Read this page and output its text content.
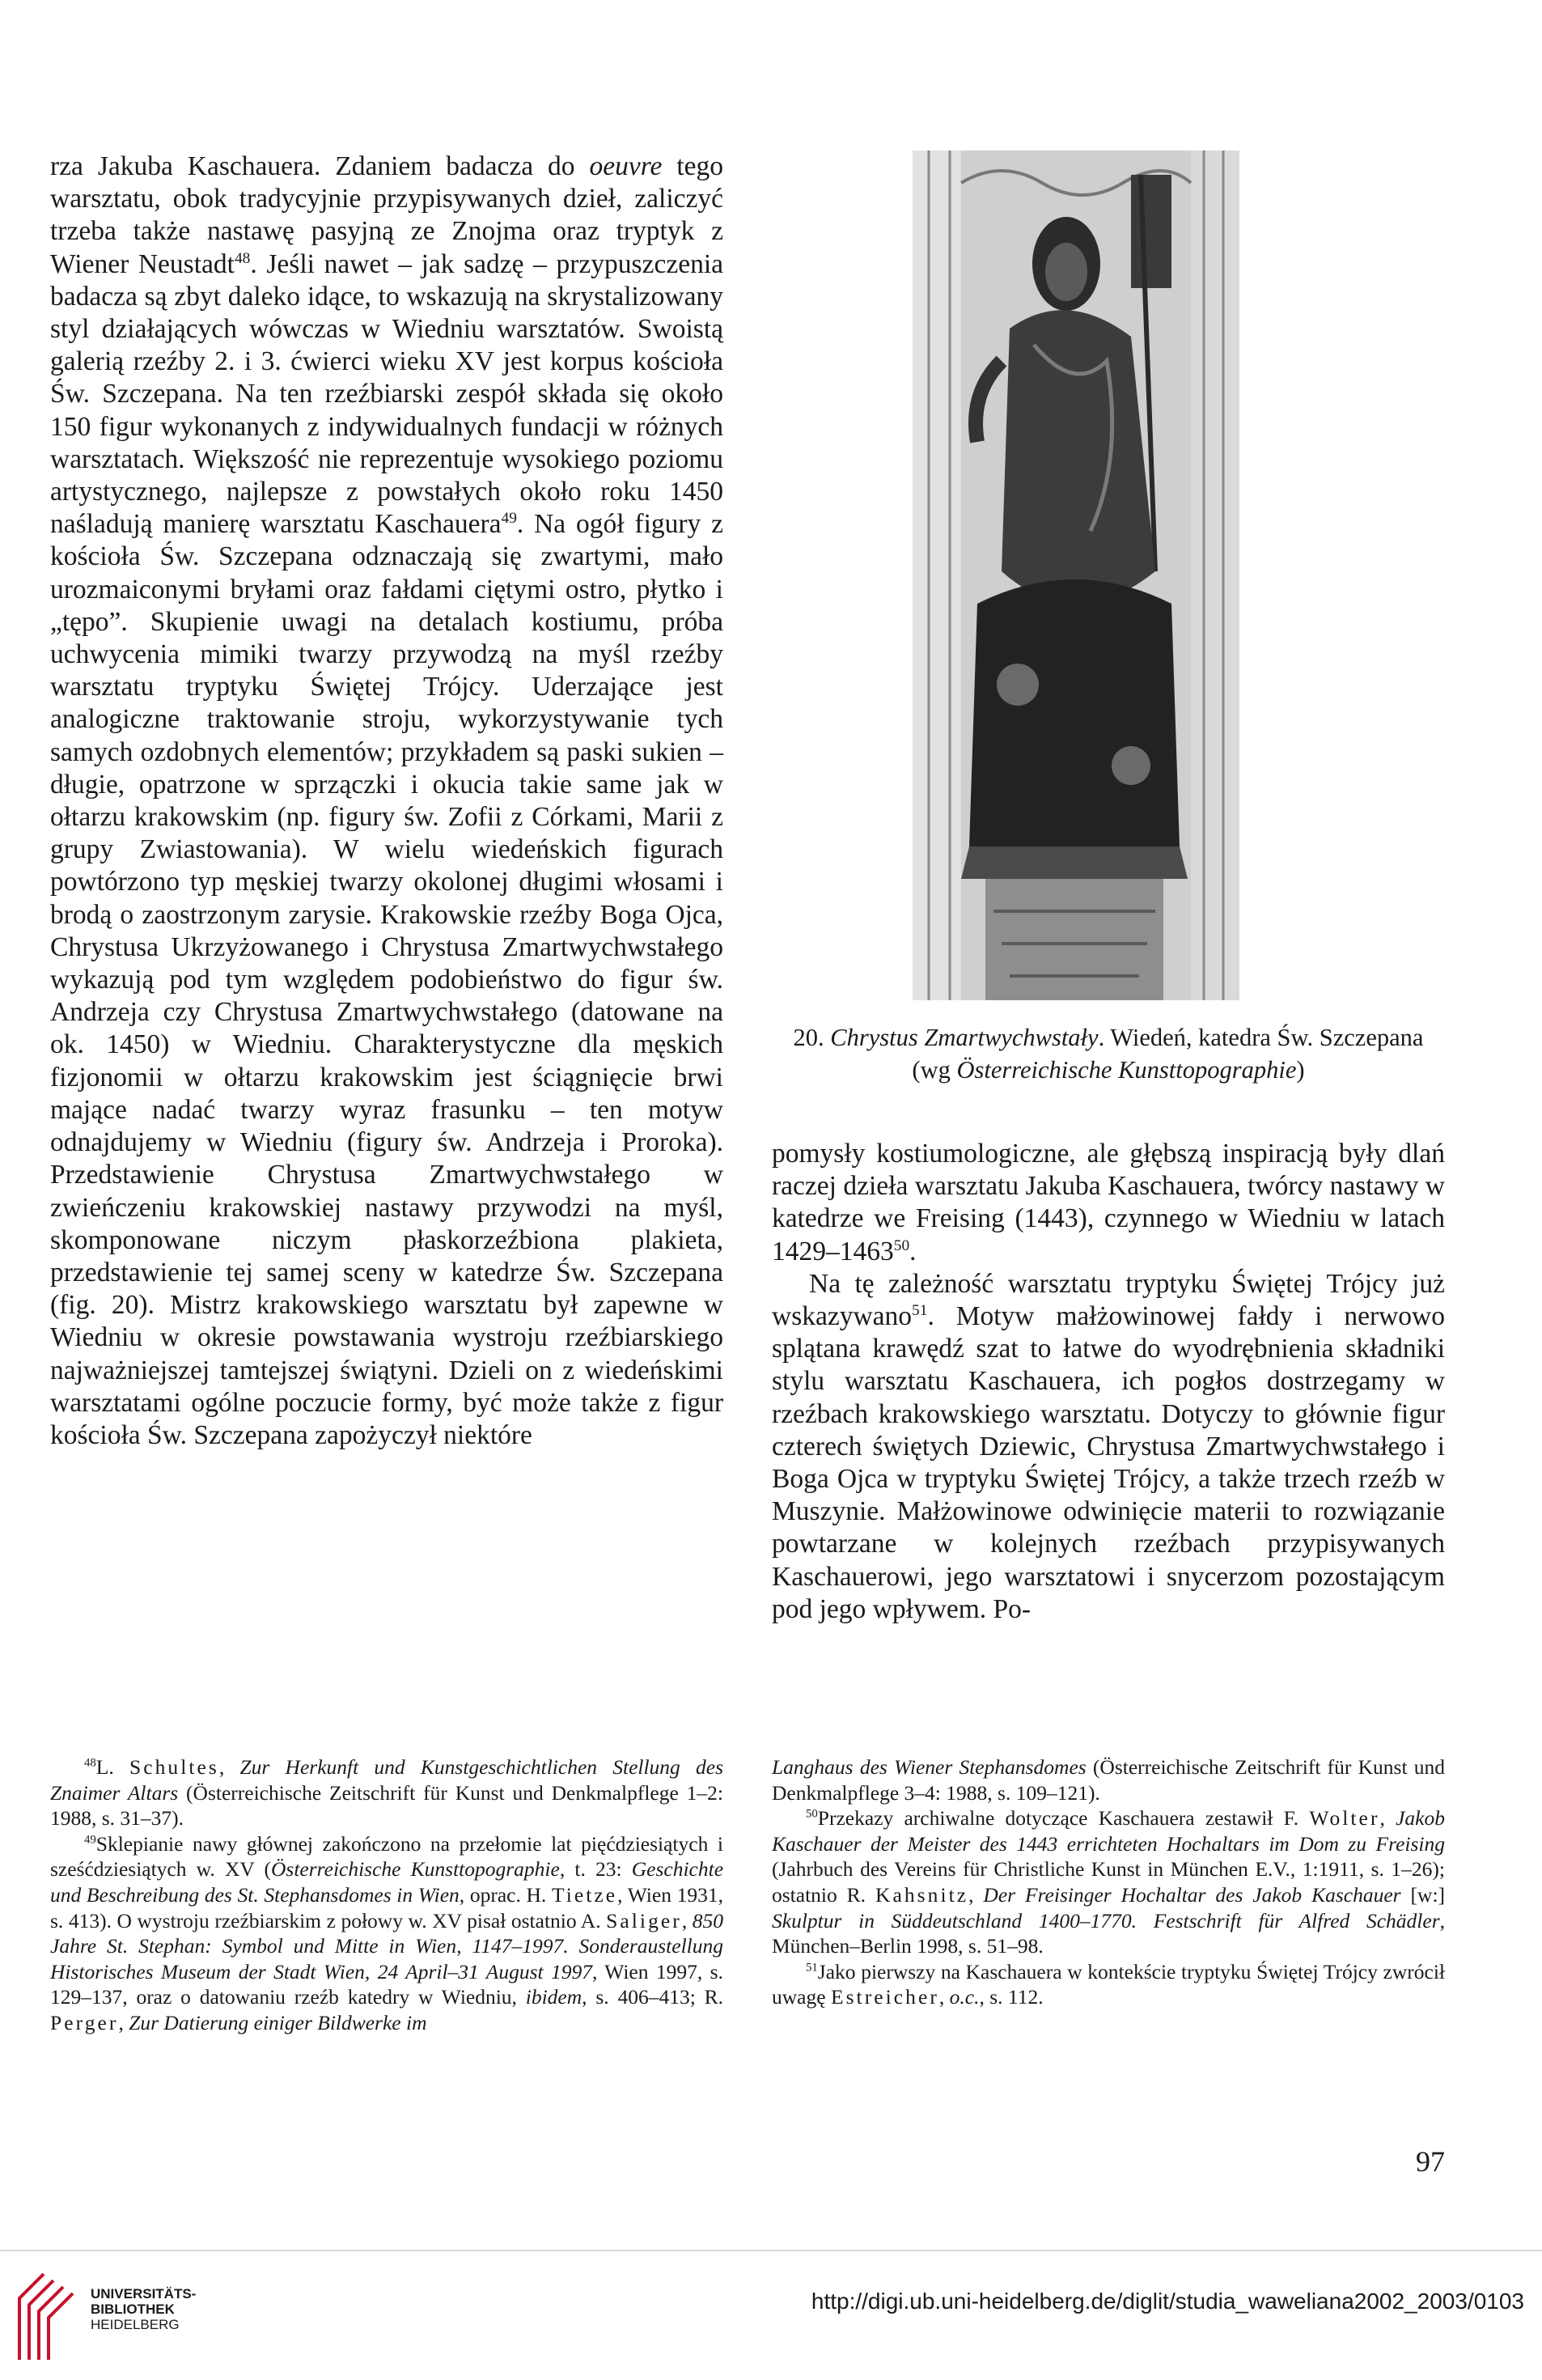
rza Jakuba Kaschauera. Zdaniem badacza do oeuvre tego warsztatu, obok tradycyjnie przypisywanych dzieł, zaliczyć trzeba także nastawę pasyjną ze Znojma oraz tryptyk z Wiener Neustadt$^{48}$. Jeśli nawet – jak sadzę – przypuszczenia badacza są zbyt daleko idące, to wskazują na skrystalizowany styl działających wówczas w Wiedniu warsztatów. Swoistą galerią rzeźby 2. i 3. ćwierci wieku XV jest korpus kościoła Św. Szczepana. Na ten rzeźbiarski zespół składa się około 150 figur wykonanych z indywidualnych fundacji w różnych warsztatach. Większość nie reprezentuje wysokiego poziomu artystycznego, najlepsze z powstałych około roku 1450 naśladują manierę warsztatu Kaschauera$^{49}$. Na ogół figury z kościoła Św. Szczepana odznaczają się zwartymi, mało urozmaiconymi bryłami oraz fałdami ciętymi ostro, płytko i „tępo”. Skupienie uwagi na detalach kostiumu, próba uchwycenia mimiki twarzy przywodzą na myśl rzeźby warsztatu tryptyku Świętej Trójcy. Uderzające jest analogiczne traktowanie stroju, wykorzystywanie tych samych ozdobnych elementów; przykładem są paski sukien – długie, opatrzone w sprzączki i okucia takie same jak w ołtarzu krakowskim (np. figury św. Zofii z Córkami, Marii z grupy Zwiastowania). W wielu wiedeńskich figurach powtórzono typ męskiej twarzy okolonej długimi włosami i brodą o zaostrzonym zarysie. Krakowskie rzeźby Boga Ojca, Chrystusa Ukrzyżowanego i Chrystusa Zmartwychwstałego wykazują pod tym względem podobieństwo do figur św. Andrzeja czy Chrystusa Zmartwychwstałego (datowane na ok. 1450) w Wiedniu. Charakterystyczne dla męskich fizjonomii w ołtarzu krakowskim jest ściągnięcie brwi mające nadać twarzy wyraz frasunku – ten motyw odnajdujemy w Wiedniu (figury św. Andrzeja i Proroka). Przedstawienie Chrystusa Zmartwychwstałego w zwieńczeniu krakowskiej nastawy przywodzi na myśl, skomponowane niczym płaskorzeźbiona plakieta, przedstawienie tej samej sceny w katedrze Św. Szczepana (fig. 20). Mistrz krakowskiego warsztatu był zapewne w Wiedniu w okresie powstawania wystroju rzeźbiarskiego najważniejszej tamtejszej świątyni. Dzieli on z wiedeńskimi warsztatami ogólne poczucie formy, być może także z figur kościoła Św. Szczepana zapożyczył niektóre

20. Chrystus Zmartwychwstały. Wiedeń, katedra Św. Szczepana (wg Österreichische Kunsttopographie)

pomysły kostiumologiczne, ale głębszą inspiracją były dlań raczej dzieła warsztatu Jakuba Kaschauera, twórcy nastawy w katedrze we Freising (1443), czynnego w Wiedniu w latach 1429–1463$^{50}$.

Na tę zależność warsztatu tryptyku Świętej Trójcy już wskazywano$^{51}$. Motyw małżowinowej fałdy i nerwowo splątana krawędź szat to łatwe do wyodrębnienia składniki stylu warsztatu Kaschauera, ich pogłos dostrzegamy w rzeźbach krakowskiego warsztatu. Dotyczy to głównie figur czterech świętych Dziewic, Chrystusa Zmartwychwstałego i Boga Ojca w tryptyku Świętej Trójcy, a także trzech rzeźb w Muszynie. Małżowinowe odwinięcie materii to rozwiązanie powtarzane w kolejnych rzeźbach przypisywanych Kaschauerowi, jego warsztatowi i snycerzom pozostającym pod jego wpływem. Po-

$^{48}$L. Schultes, Zur Herkunft und Kunstgeschichtlichen Stellung des Znaimer Altars (Österreichische Zeitschrift für Kunst und Denkmalpflege 1–2: 1988, s. 31–37).

$^{49}$Sklepianie nawy głównej zakończono na przełomie lat pięćdziesiątych i sześćdziesiątych w. XV (Österreichische Kunsttopographie, t. 23: Geschichte und Beschreibung des St. Stephansdomes in Wien, oprac. H. Tietze, Wien 1931, s. 413). O wystroju rzeźbiarskim z połowy w. XV pisał ostatnio A. Saliger, 850 Jahre St. Stephan: Symbol und Mitte in Wien, 1147–1997. Sonderaustellung Historisches Museum der Stadt Wien, 24 April–31 August 1997, Wien 1997, s. 129–137, oraz o datowaniu rzeźb katedry w Wiedniu, ibidem, s. 406–413; R. Perger, Zur Datierung einiger Bildwerke im

Langhaus des Wiener Stephansdomes (Österreichische Zeitschrift für Kunst und Denkmalpflege 3–4: 1988, s. 109–121).

$^{50}$Przekazy archiwalne dotyczące Kaschauera zestawił F. Wolter, Jakob Kaschauer der Meister des 1443 errichteten Hochaltars im Dom zu Freising (Jahrbuch des Vereins für Christliche Kunst in München E.V., 1:1911, s. 1–26); ostatnio R. Kahsnitz, Der Freisinger Hochaltar des Jakob Kaschauer [w:] Skulptur in Süddeutschland 1400–1770. Festschrift für Alfred Schädler, München–Berlin 1998, s. 51–98.

$^{51}$Jako pierwszy na Kaschauera w kontekście tryptyku Świętej Trójcy zwrócił uwagę Estreicher, o.c., s. 112.

97
UNIVERSITÄTS-
BIBLIOTHEK
HEIDELBERG
http://digi.ub.uni-heidelberg.de/diglit/studia_waweliana2002_2003/0103
